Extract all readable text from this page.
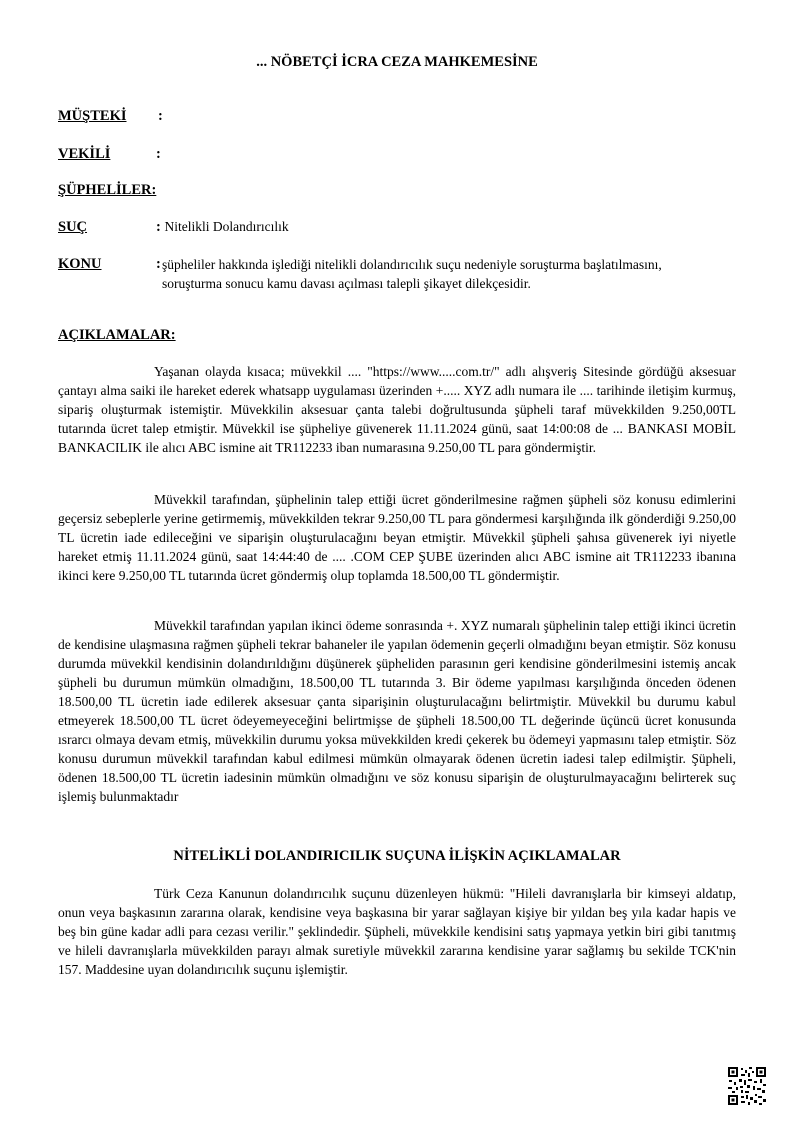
... NÖBETÇİ İCRA CEZA MAHKEMESİNE
MÜŞTEKİ :
VEKİLİ	:
ŞÜPHELİLER:
SUÇ	: Nitelikli Dolandırıcılık
KONU	: şüpheliler hakkında işlediği nitelikli dolandırıcılık suçu nedeniyle soruşturma başlatılmasını, soruşturma sonucu kamu davası açılması talepli şikayet dilekçesidir.
AÇIKLAMALAR:

Yaşanan olayda kısaca; müvekkil .... "https://www.....com.tr/" adlı alışveriş Sitesinde gördüğü aksesuar çantayı alma saiki ile hareket ederek whatsapp uygulaması üzerinden +..... XYZ adlı numara ile .... tarihinde iletişim kurmuş, sipariş oluşturmak istemiştir. Müvekkilin aksesuar çanta talebi doğrultusunda şüpheli taraf müvekkilden 9.250,00TL tutarında ücret talep etmiştir. Müvekkil ise şüpheliye güvenerek 11.11.2024 günü, saat 14:00:08 de ... BANKASI MOBİL BANKACILIK ile alıcı ABC ismine ait TR112233 iban numarasına 9.250,00 TL para göndermiştir.

Müvekkil tarafından, şüphelinin talep ettiği ücret gönderilmesine rağmen şüpheli söz konusu edimlerini geçersiz sebeplerle yerine getirmemiş, müvekkilden tekrar 9.250,00 TL para göndermesi karşılığında ilk gönderdiği 9.250,00 TL ücretin iade edileceğini ve siparişin oluşturulacağını beyan etmiştir. Müvekkil şüpheli şahısa güvenerek iyi niyetle hareket etmiş 11.11.2024 günü, saat 14:44:40 de .... .COM CEP ŞUBE üzerinden alıcı ABC ismine ait TR112233 ibanına ikinci kere 9.250,00 TL tutarında ücret göndermiş olup toplamda 18.500,00 TL göndermiştir.

Müvekkil tarafından yapılan ikinci ödeme sonrasında +. XYZ numaralı şüphelinin talep ettiği ikinci ücretin de kendisine ulaşmasına rağmen şüpheli tekrar bahaneler ile yapılan ödemenin geçerli olmadığını beyan etmiştir. Söz konusu durumda müvekkil kendisinin dolandırıldığını düşünerek şüpheliden parasının geri kendisine gönderilmesini istemiş ancak şüpheli bu durumun mümkün olmadığını, 18.500,00 TL tutarında 3. Bir ödeme yapılması karşılığında önceden ödenen 18.500,00 TL ücretin iade edilerek aksesuar çanta siparişinin oluşturulacağını belirtmiştir. Müvekkil bu durumu kabul etmeyerek 18.500,00 TL ücret ödeyemeyeceğini belirtmişse de şüpheli 18.500,00 TL değerinde üçüncü ücret konusunda ısrarcı olmaya devam etmiş, müvekkilin durumu yoksa müvekkilden kredi çekerek bu ödemeyi yapmasını talep etmiştir. Söz konusu durumun müvekkil tarafından kabul edilmesi mümkün olmayarak ödenen ücretin iadesi talep edilmiştir. Şüpheli, ödenen 18.500,00 TL ücretin iadesinin mümkün olmadığını ve söz konusu siparişin de oluşturulmayacağını belirterek suç işlemiş bulunmaktadır

NİTELİKLİ DOLANDIRICILIK SUÇUNA İLİŞKİN AÇIKLAMALAR

Türk Ceza Kanunun dolandırıcılık suçunu düzenleyen hükmü: "Hileli davranışlarla bir kimseyi aldatıp, onun veya başkasının zararına olarak, kendisine veya başkasına bir yarar sağlayan kişiye bir yıldan beş yıla kadar hapis ve beş bin güne kadar adli para cezası verilir." şeklindedir. Şüpheli, müvekkile kendisini satış yapmaya yetkin biri gibi tanıtmış ve hileli davranışlarla müvekkilden parayı almak suretiyle müvekkil zararına kendisine yarar sağlamış bu sekilde TCK'nin 157. Maddesine uyan dolandırıcılık suçunu işlemiştir.
